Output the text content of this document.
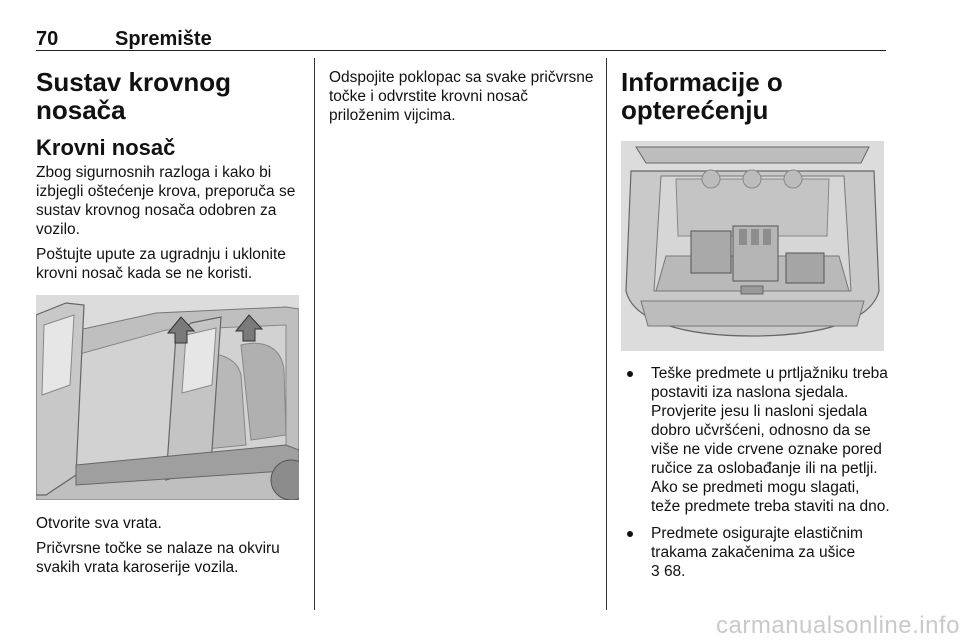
70	Spremište
Sustav krovnog nosača
Krovni nosač
Zbog sigurnosnih razloga i kako bi izbjegli oštećenje krova, preporuča se sustav krovnog nosača odobren za vozilo.
Poštujte upute za ugradnju i uklonite krovni nosač kada se ne koristi.
Otvorite sva vrata.
Pričvrsne točke se nalaze na okviru svakih vrata karoserije vozila.
Odspojite poklopac sa svake pričvrsne točke i odvrstite krovni nosač priloženim vijcima.
Informacije o opterećenju
Teške predmete u prtljažniku treba postaviti iza naslona sjedala. Provjerite jesu li nasloni sjedala dobro učvršćeni, odnosno da se više ne vide crvene oznake pored ručice za oslobađanje ili na petlji. Ako se predmeti mogu slagati, teže predmete treba staviti na dno.
Predmete osigurajte elastičnim trakama zakačenima za ušice
3 68.
carmanualsonline.info
